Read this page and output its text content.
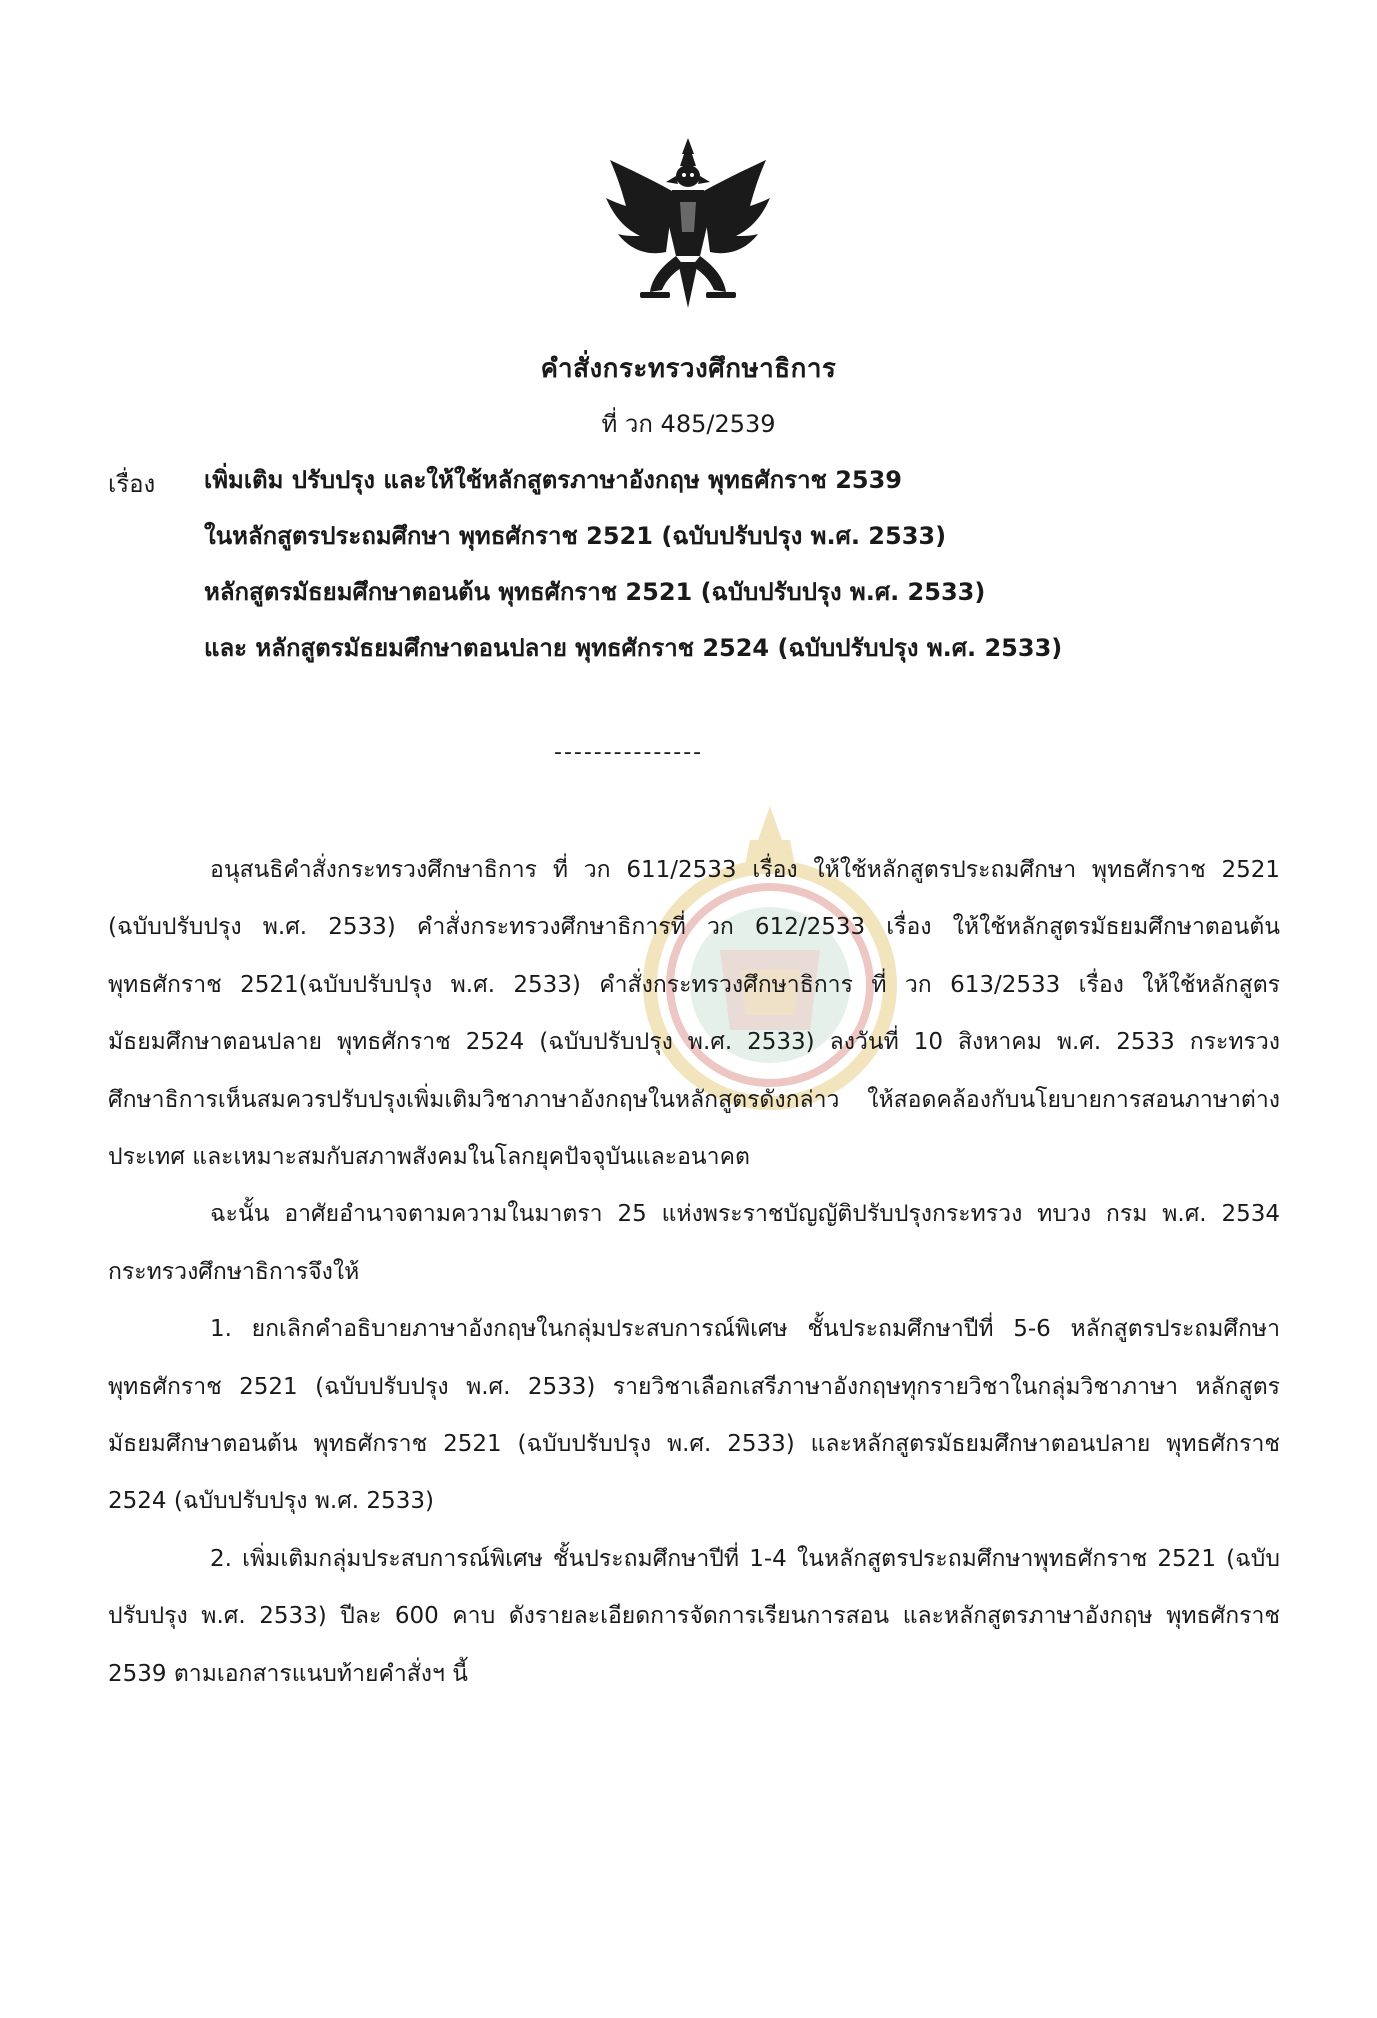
คำสั่งกระทรวงศึกษาธิการ
ที่ วก 485/2539
เรื่อง เพิ่มเติม ปรับปรุง และให้ใช้หลักสูตรภาษาอังกฤษ พุทธศักราช 2539
ในหลักสูตรประถมศึกษา พุทธศักราช 2521 (ฉบับปรับปรุง พ.ศ. 2533)
หลักสูตรมัธยมศึกษาตอนต้น พุทธศักราช 2521 (ฉบับปรับปรุง พ.ศ. 2533)
และ หลักสูตรมัธยมศึกษาตอนปลาย พุทธศักราช 2524 (ฉบับปรับปรุง พ.ศ. 2533)
---------------

อนุสนธิคำสั่งกระทรวงศึกษาธิการ ที่ วก 611/2533 เรื่อง ให้ใช้หลักสูตรประถมศึกษา พุทธศักราช 2521 (ฉบับปรับปรุง พ.ศ. 2533) คำสั่งกระทรวงศึกษาธิการที่ วก 612/2533 เรื่อง ให้ใช้หลักสูตรมัธยมศึกษาตอนต้น พุทธศักราช 2521(ฉบับปรับปรุง พ.ศ. 2533) คำสั่งกระทรวงศึกษาธิการ ที่ วก 613/2533 เรื่อง ให้ใช้หลักสูตรมัธยมศึกษาตอนปลาย พุทธศักราช 2524 (ฉบับปรับปรุง พ.ศ. 2533) ลงวันที่ 10 สิงหาคม พ.ศ. 2533 กระทรวงศึกษาธิการเห็นสมควรปรับปรุงเพิ่มเติมวิชาภาษาอังกฤษในหลักสูตรดังกล่าว ให้สอดคล้องกับนโยบายการสอนภาษาต่างประเทศ และเหมาะสมกับสภาพสังคมในโลกยุคปัจจุบันและอนาคต

ฉะนั้น อาศัยอำนาจตามความในมาตรา 25 แห่งพระราชบัญญัติปรับปรุงกระทรวง ทบวง กรม พ.ศ. 2534 กระทรวงศึกษาธิการจึงให้

1. ยกเลิกคำอธิบายภาษาอังกฤษในกลุ่มประสบการณ์พิเศษ ชั้นประถมศึกษาปีที่ 5-6 หลักสูตรประถมศึกษา พุทธศักราช 2521 (ฉบับปรับปรุง พ.ศ. 2533) รายวิชาเลือกเสรีภาษาอังกฤษทุกรายวิชาในกลุ่มวิชาภาษา หลักสูตรมัธยมศึกษาตอนต้น พุทธศักราช 2521 (ฉบับปรับปรุง พ.ศ. 2533) และหลักสูตรมัธยมศึกษาตอนปลาย พุทธศักราช 2524 (ฉบับปรับปรุง พ.ศ. 2533)

2. เพิ่มเติมกลุ่มประสบการณ์พิเศษ ชั้นประถมศึกษาปีที่ 1-4 ในหลักสูตรประถมศึกษาพุทธศักราช 2521 (ฉบับปรับปรุง พ.ศ. 2533) ปีละ 600 คาบ ดังรายละเอียดการจัดการเรียนการสอน และหลักสูตรภาษาอังกฤษ พุทธศักราช 2539 ตามเอกสารแนบท้ายคำสั่งฯ นี้
